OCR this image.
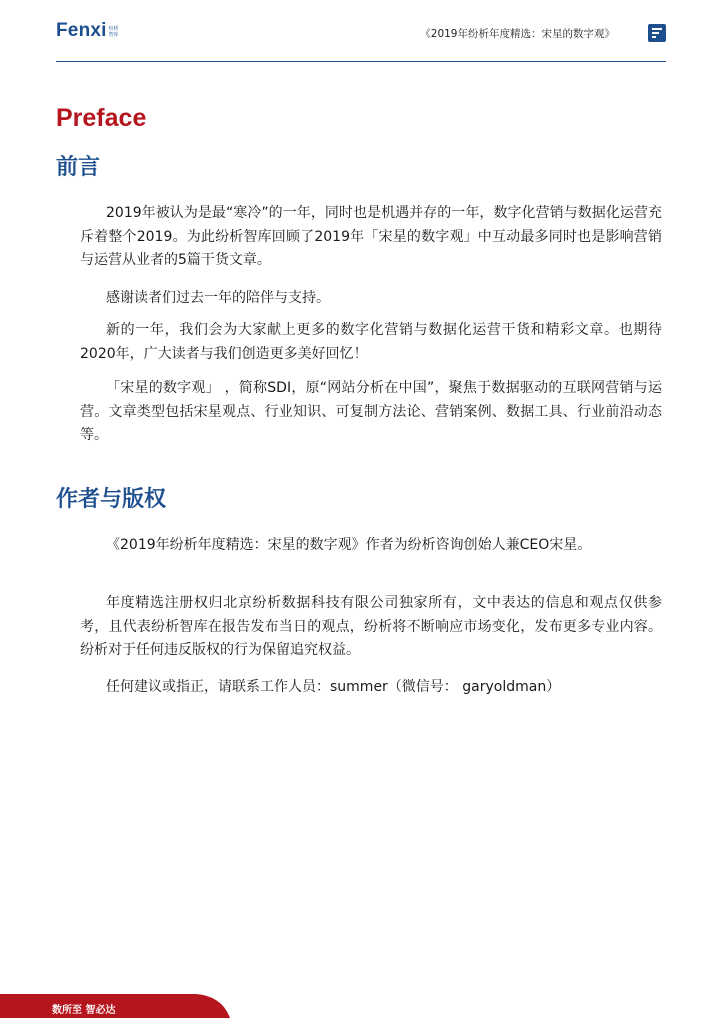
Fenxi 纷析智库	《2019年纷析年度精选：宋星的数字观》
Preface
前言

2019年被认为是最“寒冷”的一年，同时也是机遇并存的一年，数字化营销与数据化运营充斥着整个2019。为此纷析智库回顾了2019年「宋星的数字观」中互动最多同时也是影响营销与运营从业者的5篇干货文章。

感谢读者们过去一年的陪伴与支持。

新的一年，我们会为大家献上更多的数字化营销与数据化运营干货和精彩文章。也期待2020年，广大读者与我们创造更多美好回忆！

「宋星的数字观」 ，简称SDI，原“网站分析在中国”，聚焦于数据驱动的互联网营销与运营。文章类型包括宋星观点、行业知识、可复制方法论、营销案例、数据工具、行业前沿动态等。

作者与版权

《2019年纷析年度精选：宋星的数字观》作者为纷析咨询创始人兼CEO宋星。

年度精选注册权归北京纷析数据科技有限公司独家所有，文中表达的信息和观点仅供参考，且代表纷析智库在报告发布当日的观点，纷析将不断响应市场变化，发布更多专业内容。纷析对于任何违反版权的行为保留追究权益。

任何建议或指正，请联系工作人员：summer（微信号： garyoldman）

数所至 智必达
